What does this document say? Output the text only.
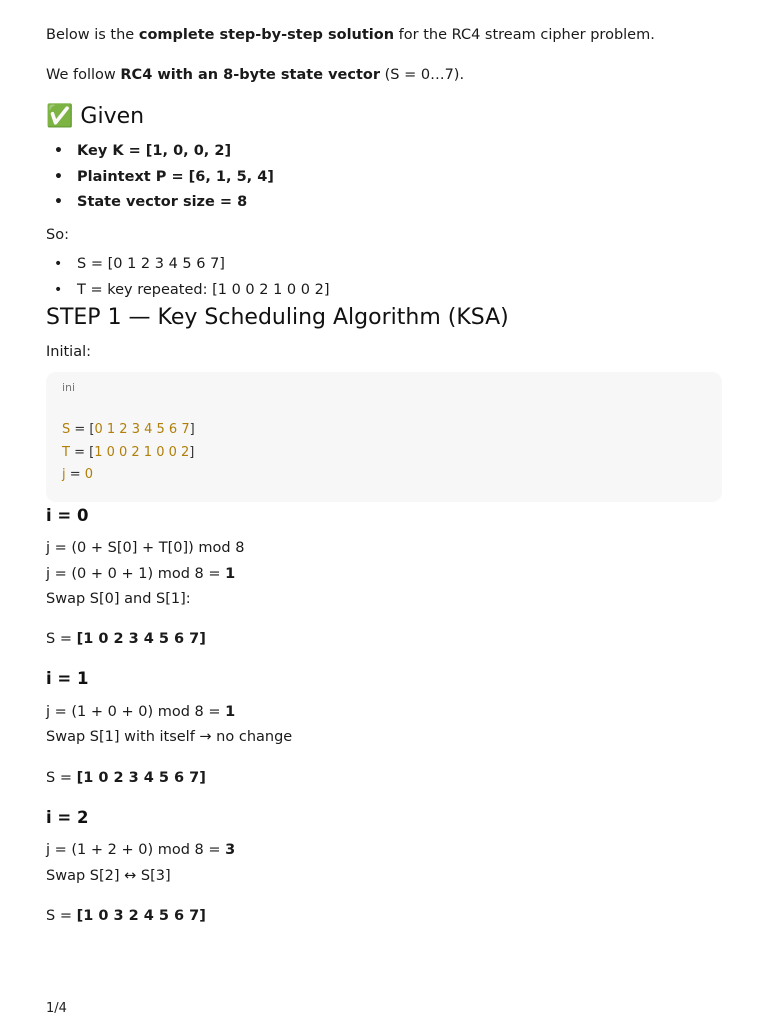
Below is the complete step-by-step solution for the RC4 stream cipher problem.

We follow RC4 with an 8-byte state vector (S = 0…7).

✅ Given
• Key K = [1, 0, 0, 2]
• Plaintext P = [6, 1, 5, 4]
• State vector size = 8

So:

• S = [0 1 2 3 4 5 6 7]
• T = key repeated: [1 0 0 2 1 0 0 2]
STEP 1 — Key Scheduling Algorithm (KSA)

Initial:

ini
S = [0 1 2 3 4 5 6 7]
T = [1 0 0 2 1 0 0 2]
j = 0
i = 0

j = (0 + S[0] + T[0]) mod 8

j = (0 + 0 + 1) mod 8 = 1

Swap S[0] and S[1]:

S = [1 0 2 3 4 5 6 7]

i = 1

j = (1 + 0 + 0) mod 8 = 1

Swap S[1] with itself → no change

S = [1 0 2 3 4 5 6 7]

i = 2

j = (1 + 2 + 0) mod 8 = 3

Swap S[2] ↔ S[3]

S = [1 0 3 2 4 5 6 7]

1/4
